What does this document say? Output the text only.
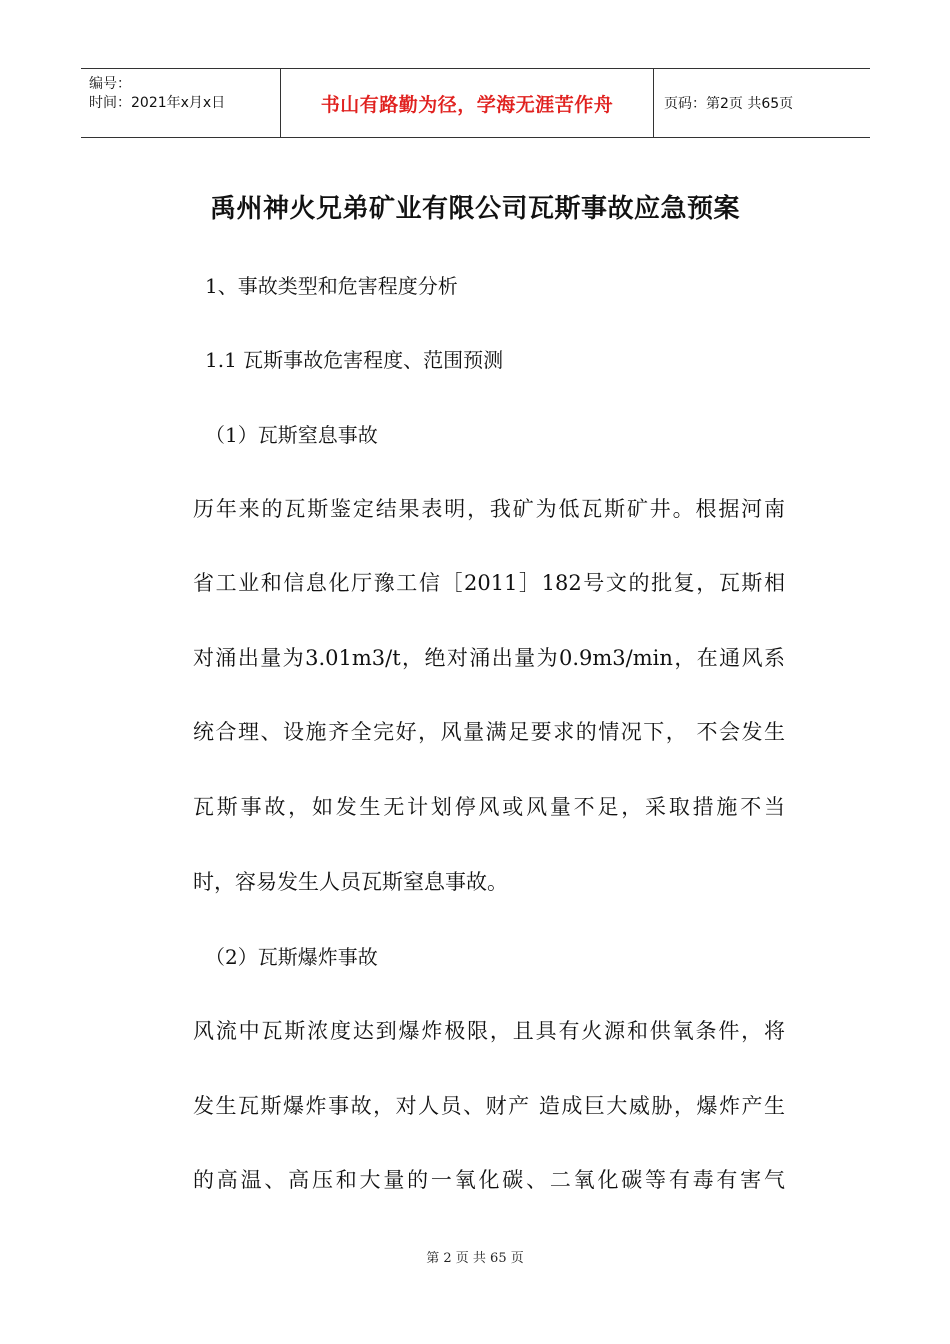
编号：
时间：2021年x月x日	书山有路勤为径，学海无涯苦作舟	页码：第2页 共65页
禹州神火兄弟矿业有限公司瓦斯事故应急预案
1、事故类型和危害程度分析
1.1 瓦斯事故危害程度、范围预测
（1）瓦斯窒息事故
历年来的瓦斯鉴定结果表明，我矿为低瓦斯矿井。根据河南
省工业和信息化厅豫工信［2011］182号文的批复，瓦斯相
对涌出量为3.01m3/t，绝对涌出量为0.9m3/min，在通风系
统合理、设施齐全完好，风量满足要求的情况下， 不会发生
瓦斯事故，如发生无计划停风或风量不足，采取措施不当
时，容易发生人员瓦斯窒息事故。
（2）瓦斯爆炸事故
风流中瓦斯浓度达到爆炸极限，且具有火源和供氧条件，将
发生瓦斯爆炸事故，对人员、财产 造成巨大威胁，爆炸产生
的高温、高压和大量的一氧化碳、二氧化碳等有毒有害气
第 2 页 共 65 页
